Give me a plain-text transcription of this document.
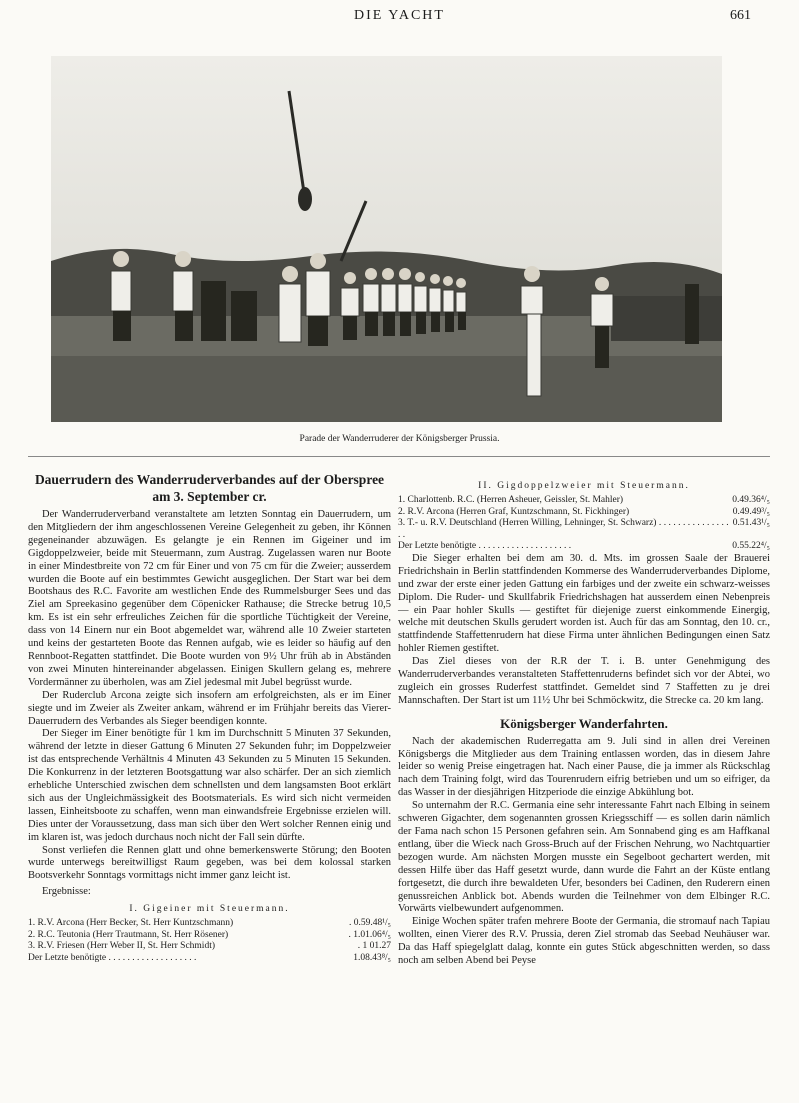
DIE YACHT	661
Parade der Wanderruderer der Königsberger Prussia.
Dauerrudern des Wanderruderverbandes auf der Oberspree am 3. September cr.

Der Wanderruderverband veranstaltete am letzten Sonntag ein Dauerrudern, um den Mitgliedern der ihm angeschlossenen Vereine Gelegenheit zu geben, ihr Können gegeneinander abzuwägen. Es gelangte je ein Rennen im Gigeiner und im Gigdoppelzweier, beide mit Steuermann, zum Austrag. Zugelassen waren nur Boote in einer Mindestbreite von 72 cm für Einer und von 75 cm für die Zweier; ausserdem wurden die Boote auf ein bestimmtes Gewicht ausgeglichen. Der Start war bei dem Bootshaus des R.C. Favorite am westlichen Ende des Rummelsburger Sees und das Ziel am Spreekasino gegenüber dem Cöpenicker Rathause; die Strecke betrug 10,5 km. Es ist ein sehr erfreuliches Zeichen für die sportliche Tüchtigkeit der Vereine, dass von 14 Einern nur ein Boot abgemeldet war, während alle 10 Zweier starteten und keins der gestarteten Boote das Rennen aufgab, wie es leider so häufig auf den Rennboot-Regatten stattfindet. Die Boote wurden von 9½ Uhr früh ab in Abständen von zwei Minuten hintereinander abgelassen. Einigen Skullern gelang es, mehrere Vordermänner zu überholen, was am Ziel jedesmal mit Jubel begrüsst wurde.

Der Ruderclub Arcona zeigte sich insofern am erfolgreichsten, als er im Einer siegte und im Zweier als Zweiter ankam, während er im Frühjahr bereits das Vierer-Dauerrudern des Verbandes als Sieger beendigen konnte.

Der Sieger im Einer benötigte für 1 km im Durchschnitt 5 Minuten 37 Sekunden, während der letzte in dieser Gattung 6 Minuten 27 Sekunden fuhr; im Doppelzweier ist das entsprechende Verhältnis 4 Minuten 43 Sekunden zu 5 Minuten 15 Sekunden. Die Konkurrenz in der letzteren Bootsgattung war also schärfer. Der an sich ziemlich erhebliche Unterschied zwischen dem schnellsten und dem langsamsten Boot erklärt sich aus der Ungleichmässigkeit des Bootsmaterials. Es wird sich nicht vermeiden lassen, Einheitsboote zu schaffen, wenn man einwandsfreie Ergebnisse erzielen will. Dies unter der Voraussetzung, dass man sich über den Wert solcher Rennen einig und im klaren ist, was jedoch durchaus noch nicht der Fall sein dürfte.

Sonst verliefen die Rennen glatt und ohne bemerkenswerte Störung; den Booten wurde unterwegs bereitwilligst Raum gegeben, was bei dem kolossal starken Bootsverkehr Sonntags vormittags nicht immer ganz leicht ist.

Ergebnisse:
I. Gigeiner mit Steuermann.
1. R.V. Arcona (Herr Becker, St. Herr Kuntzschmann)	. 0.59.48¹/₅
2. R.C. Teutonia (Herr Trautmann, St. Herr Rösener)	. 1.01.06⁴/₅
3. R.V. Friesen (Herr Weber II, St. Herr Schmidt)	. 1 01.27
Der Letzte benötigte . . . . . . . . . . . . . . . . . . .	1.08.43⁸/₅
II. Gigdoppelzweier mit Steuermann.
1. Charlottenb. R.C. (Herren Asheuer, Geissler, St. Mahler)	0.49.36⁴/₅
2. R.V. Arcona (Herren Graf, Kuntzschmann, St. Fickhinger)	0.49.49³/₅
3. T.- u. R.V. Deutschland (Herren Willing, Lehninger, St. Schwarz) . . . . . . . . . . . . . . . . .
0.51.43¹/₅
Der Letzte benötigte . . . . . . . . . . . . . . . . . . . .	0.55.22⁴/₅

Die Sieger erhalten bei dem am 30. d. Mts. im grossen Saale der Brauerei Friedrichshain in Berlin stattfindenden Kommerse des Wanderruderverbandes Diplome, und zwar der erste einer jeden Gattung ein farbiges und der zweite ein schwarz-weisses Diplom. Die Ruder- und Skullfabrik Friedrichshagen hat ausserdem einen Nebenpreis — ein Paar hohler Skulls — gestiftet für diejenige zuerst einkommende Einergig, welche mit deutschen Skulls gerudert worden ist. Auch für das am Sonntag, den 10. cr., stattfindende Staffettenrudern hat diese Firma unter ähnlichen Bedingungen einen Satz hohler Riemen gestiftet.

Das Ziel dieses von der R.R der T. i. B. unter Genehmigung des Wanderruderverbandes veranstalteten Staffettenruderns befindet sich vor der Abtei, wo zugleich ein grosses Ruderfest stattfindet. Gemeldet sind 7 Staffetten zu je drei Mannschaften. Der Start ist um 11½ Uhr bei Schmöckwitz, die Strecke ca. 20 km lang.

Königsberger Wanderfahrten.

Nach der akademischen Ruderregatta am 9. Juli sind in allen drei Vereinen Königsbergs die Mitglieder aus dem Training entlassen worden, das in diesem Jahre leider so wenig Preise eingetragen hat. Nach einer Pause, die ja immer als Rückschlag nach dem Training folgt, wird das Tourenrudern eifrig betrieben und um so eifriger, da das Wasser in der diesjährigen Hitzperiode die einzige Abkühlung bot.

So unternahm der R.C. Germania eine sehr interessante Fahrt nach Elbing in seinem schweren Gigachter, dem sogenannten grossen Kriegsschiff — es sollen darin nämlich der Fama nach schon 15 Personen gefahren sein. Am Sonnabend ging es am Haffkanal entlang, über die Wieck nach Gross-Bruch auf der Frischen Nehrung, wo Nachtquartier bezogen wurde. Am nächsten Morgen musste ein Segelboot gechartert werden, mit dessen Hilfe über das Haff gesetzt wurde, dann wurde die Fahrt an der Küste entlang fortgesetzt, die durch ihre bewaldeten Ufer, besonders bei Cadinen, den Ruderern einen genussreichen Anblick bot. Abends wurden die Teilnehmer von dem Elbinger R.C. Vorwärts vielbewundert aufgenommen.

Einige Wochen später trafen mehrere Boote der Germania, die stromauf nach Tapiau wollten, einen Vierer des R.V. Prussia, deren Ziel stromab das Seebad Neuhäuser war. Da das Haff spiegelglatt dalag, konnte ein gutes Stück abgeschnitten werden, so dass noch am selben Abend bei Peyse
